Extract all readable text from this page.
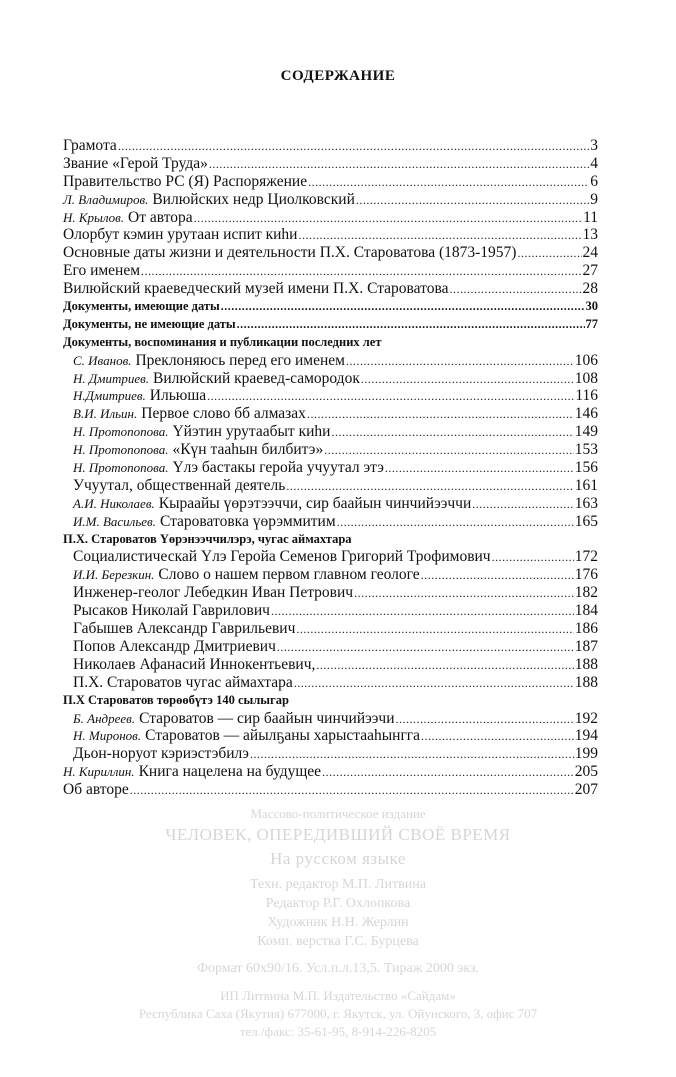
Массово-политическое издание
ЧЕЛОВЕК, ОПЕРЕДИВШИЙ СВОЁ ВРЕМЯ
На русском языке
Техн. редактор М.П. Литвина
Редактор Р.Г. Охлопкова
Художник Н.Н. Жерлин
Комп. верстка Г.С. Бурцева
Формат 60х90/16. Усл.п.л.13,5. Тираж 2000 экз.
ИП Литвина М.П. Издательство «Сайдам»
Республика Саха (Якутия) 677000, г. Якутск, ул. Ойунского, 3, офис 707
тел./факс: 35-61-95, 8-914-226-8205
СОДЕРЖАНИЕ
Грамота .....	3
Звание «Герой Труда» .....	4
Правительство РС (Я) Распоряжение .....	6
Л. Владимиров. Вилюйских недр Циолковский .....	9
Н. Крылов. От автора .....	11
Олорбут кэмин урутаан испит киhи .....	13
Основные даты жизни и деятельности П.Х. Староватова (1873-1957) .....	24
Его именем .....	27
Вилюйский краеведческий музей имени П.Х. Староватова .....	28
Документы, имеющие даты .....	30
Документы, не имеющие даты .....	77
Документы, воспоминания и публикации последних лет
С. Иванов. Преклоняюсь перед его именем .....	106
Н. Дмитриев. Вилюйский краевед-самородок .....	108
Н.Дмитриев. Ильюша .....	116
В.И. Ильин. Первое слово бб алмазах .....	146
Н. Протопопова. Үйэтин урутаабыт киhи .....	149
Н. Протопопова. «Күн тааhын билбитэ» .....	153
Н. Протопопова. Үлэ бастакы геройа учуутал этэ .....	156
Учуутал, общественнай деятель .....	161
А.И. Николаев. Кыраайы үөрэтээччи, сир баайын чинчийээччи .....	163
И.М. Васильев. Староватовка үөрэммитим .....	165
П.Х. Староватов Үөрэнээччилэрэ, чугас аймахтара
Социалистическай Үлэ Геройа Семенов Григорий Трофимович .....	172
И.И. Березкин. Слово о нашем первом главном геологе .....	176
Инженер-геолог Лебедкин Иван Петрович .....	182
Рысаков Николай Гаврилович .....	184
Габышев Александр Гаврильевич .....	186
Попов Александр Дмитриевич .....	187
Николаев Афанасий Иннокентьевич, .....	188
П.Х. Староватов чугас аймахтара .....	188
П.Х Староватов төрөөбүтэ 140 сылыгар
Б. Андреев. Староватов — сир баайын чинчийээчи .....	192
Н. Миронов. Староватов — айылҕаны харыстааhынгга .....	194
Дьон-норуот кэриэстэбилэ .....	199
Н. Кириллин. Книга нацелена на будущее .....	205
Об авторе .....	207
